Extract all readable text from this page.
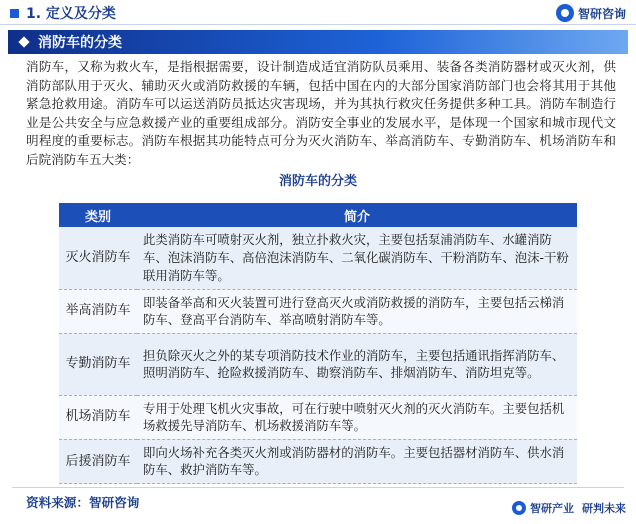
1. 定义及分类	智研咨询
消防车的分类
消防车，又称为救火车，是指根据需要，设计制造成适宜消防队员乘用、装备各类消防器材或灭火剂，供消防部队用于灭火、辅助灭火或消防救援的车辆，包括中国在内的大部分国家消防部门也会将其用于其他紧急抢救用途。消防车可以运送消防员抵达灾害现场，并为其执行救灾任务提供多种工具。消防车制造行业是公共安全与应急救援产业的重要组成部分。消防安全事业的发展水平，是体现一个国家和城市现代文明程度的重要标志。消防车根据其功能特点可分为灭火消防车、举高消防车、专勤消防车、机场消防车和后院消防车五大类：
消防车的分类
类别	简介
灭火消防车	此类消防车可喷射灭火剂，独立扑救火灾，主要包括泵浦消防车、水罐消防车、泡沫消防车、高倍泡沫消防车、二氧化碳消防车、干粉消防车、泡沫-干粉联用消防车等。
举高消防车	即装备举高和灭火装置可进行登高灭火或消防救援的消防车，主要包括云梯消防车、登高平台消防车、举高喷射消防车等。
专勤消防车	担负除灭火之外的某专项消防技术作业的消防车，主要包括通讯指挥消防车、照明消防车、抢险救援消防车、勘察消防车、排烟消防车、消防坦克等。
机场消防车	专用于处理飞机火灾事故，可在行驶中喷射灭火剂的灭火消防车。主要包括机场救援先导消防车、机场救援消防车等。
后援消防车	即向火场补充各类灭火剂或消防器材的消防车。主要包括器材消防车、供水消防车、救护消防车等。
资料来源：智研咨询	智研产业 研判未来
